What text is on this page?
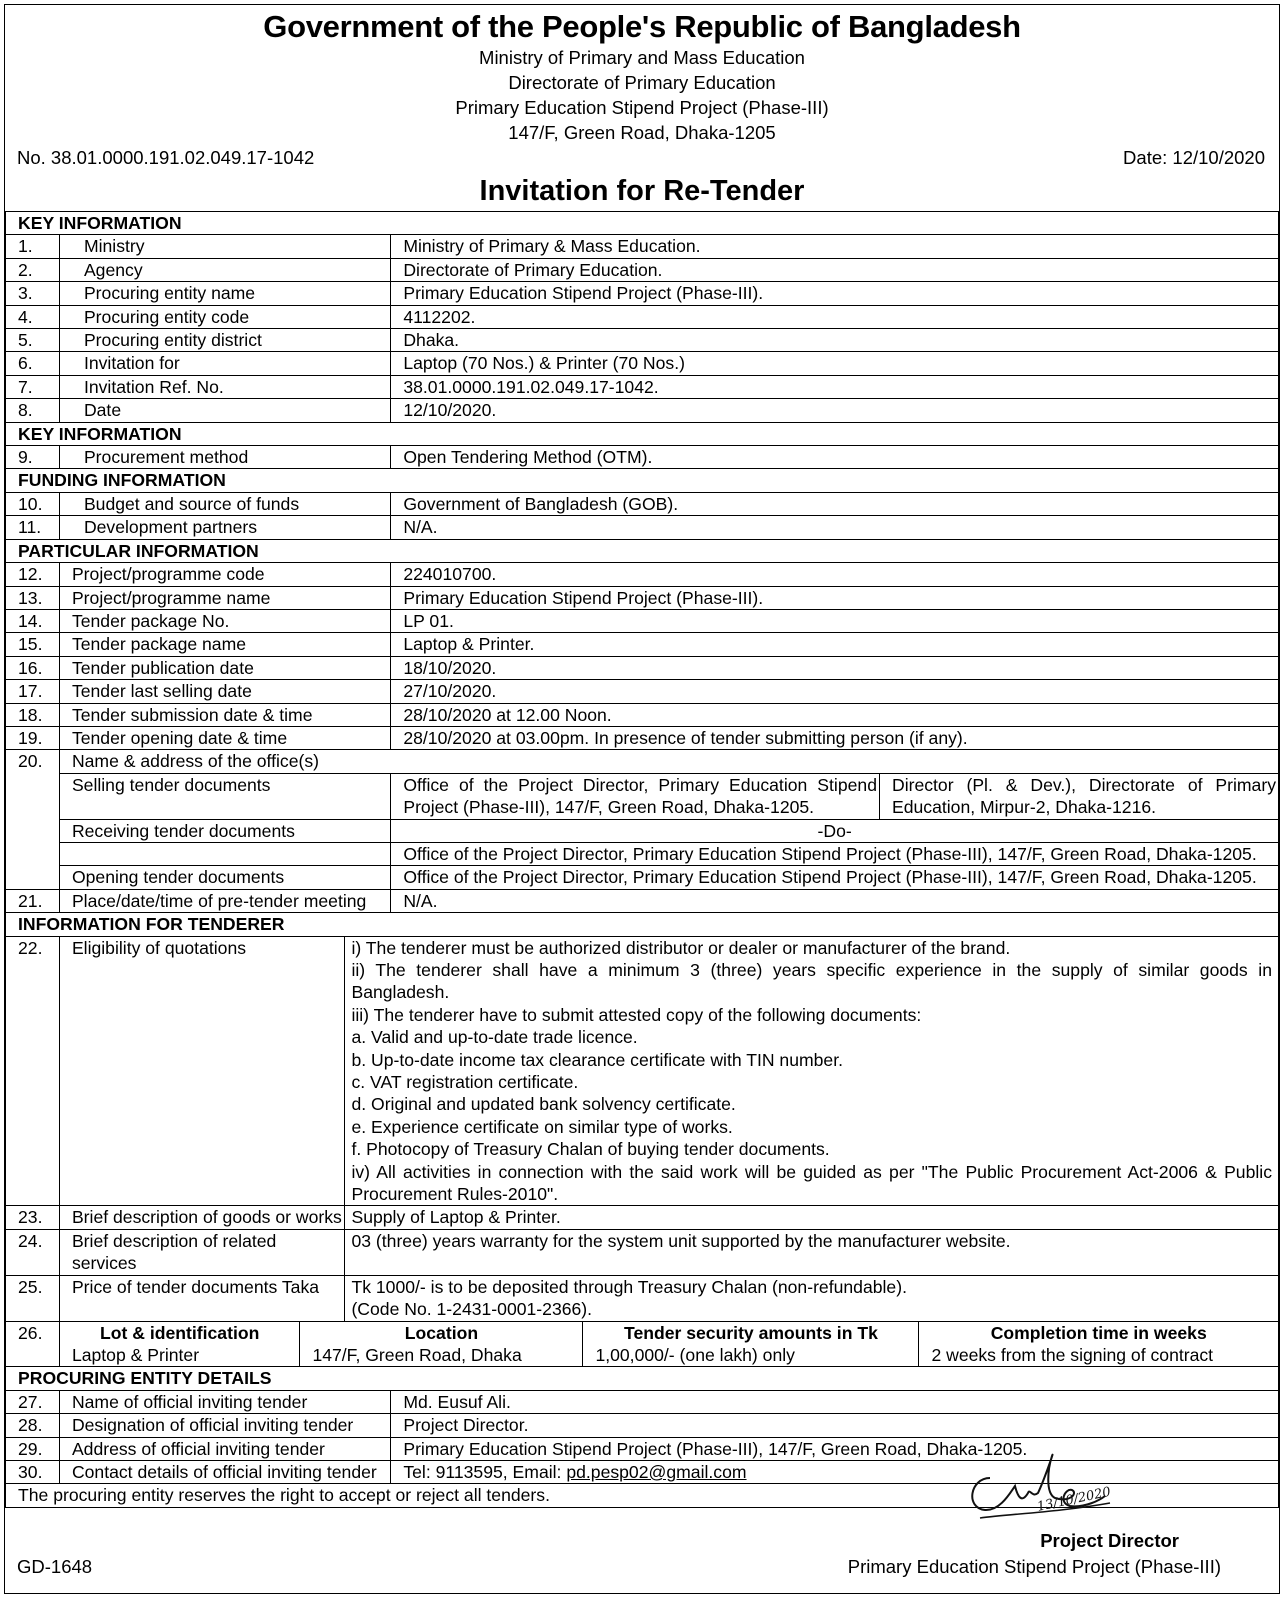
Government of the People's Republic of Bangladesh
Ministry of Primary and Mass Education
Directorate of Primary Education
Primary Education Stipend Project (Phase-III)
147/F, Green Road, Dhaka-1205
No. 38.01.0000.191.02.049.17-1042	Date: 12/10/2020
Invitation for Re-Tender
KEY INFORMATION
1.	Ministry	Ministry of Primary & Mass Education.
2.	Agency	Directorate of Primary Education.
3.	Procuring entity name	Primary Education Stipend Project (Phase-III).
4.	Procuring entity code	4112202.
5.	Procuring entity district	Dhaka.
6.	Invitation for	Laptop (70 Nos.) & Printer (70 Nos.)
7.	Invitation Ref. No.	38.01.0000.191.02.049.17-1042.
8.	Date	12/10/2020.
KEY INFORMATION
9.	Procurement method	Open Tendering Method (OTM).
FUNDING INFORMATION
10.	Budget and source of funds	Government of Bangladesh (GOB).
11.	Development partners	N/A.
PARTICULAR INFORMATION
12.	Project/programme code	224010700.
13.	Project/programme name	Primary Education Stipend Project (Phase-III).
14.	Tender package No.	LP 01.
15.	Tender package name	Laptop & Printer.
16.	Tender publication date	18/10/2020.
17.	Tender last selling date	27/10/2020.
18.	Tender submission date & time	28/10/2020 at 12.00 Noon.
19.	Tender opening date & time	28/10/2020 at 03.00pm. In presence of tender submitting person (if any).
20.	Name & address of the office(s)
Selling tender documents	Office of the Project Director, Primary Education Stipend Project (Phase-III), 147/F, Green Road, Dhaka-1205.	Director (Pl. & Dev.), Directorate of Primary Education, Mirpur-2, Dhaka-1216.
Receiving tender documents	-Do-
	Office of the Project Director, Primary Education Stipend Project (Phase-III), 147/F, Green Road, Dhaka-1205.
Opening tender documents	Office of the Project Director, Primary Education Stipend Project (Phase-III), 147/F, Green Road, Dhaka-1205.
21.	Place/date/time of pre-tender meeting	N/A.
INFORMATION FOR TENDERER
22.	Eligibility of quotations	i) The tenderer must be authorized distributor or dealer or manufacturer of the brand.
ii) The tenderer shall have a minimum 3 (three) years specific experience in the supply of similar goods in Bangladesh.
iii) The tenderer have to submit attested copy of the following documents:
a. Valid and up-to-date trade licence.
b. Up-to-date income tax clearance certificate with TIN number.
c. VAT registration certificate.
d. Original and updated bank solvency certificate.
e. Experience certificate on similar type of works.
f. Photocopy of Treasury Chalan of buying tender documents.
iv) All activities in connection with the said work will be guided as per "The Public Procurement Act-2006 & Public Procurement Rules-2010".

23.	Brief description of goods or works	Supply of Laptop & Printer.
24.	Brief description of related services	03 (three) years warranty for the system unit supported by the manufacturer website.
25.	Price of tender documents Taka	Tk 1000/- is to be deposited through Treasury Chalan (non-refundable).
(Code No. 1-2431-0001-2366).

26.		Lot & identification	Location	Tender security amounts in Tk	Completion time in weeks
Laptop & Printer	147/F, Green Road, Dhaka	1,00,000/- (one lakh) only	2 weeks from the signing of contract

PROCURING ENTITY DETAILS
27.	Name of official inviting tender	Md. Eusuf Ali.
28.	Designation of official inviting tender	Project Director.
29.	Address of official inviting tender	Primary Education Stipend Project (Phase-III), 147/F, Green Road, Dhaka-1205.
30.	Contact details of official inviting tender	Tel: 9113595, Email: pd.pesp02@gmail.com
The procuring entity reserves the right to accept or reject all tenders.	13/10/2020
Project Director
Primary Education Stipend Project (Phase-III)
GD-1648
